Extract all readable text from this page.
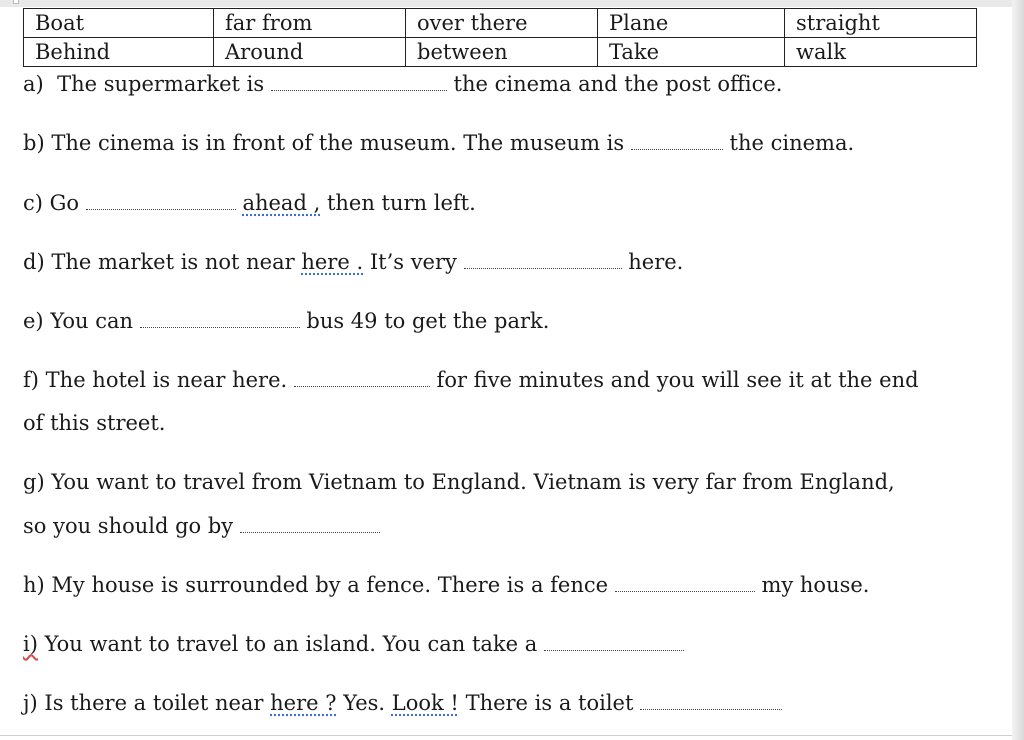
Boat	far from	over there	Plane	straight
Behind	Around	between	Take	walk
a) The supermarket is	the cinema and the post office.
b) The cinema is in front of the museum. The museum is	the cinema.
c) Go	ahead , then turn left.
d) The market is not near here . It’s very	here.
e) You can	bus 49 to get the park.
f) The hotel is near here.	for five minutes and you will see it at the end
of this street.
g) You want to travel from Vietnam to England. Vietnam is very far from England,
so you should go by
h) My house is surrounded by a fence. There is a fence	my house.
i) You want to travel to an island. You can take a
j) Is there a toilet near here ? Yes. Look ! There is a toilet
